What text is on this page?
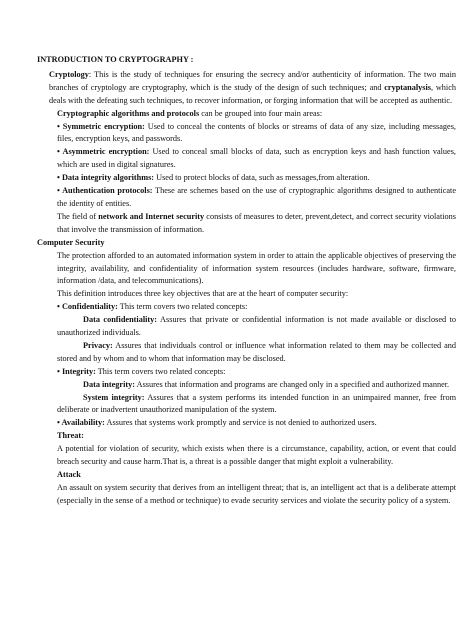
INTRODUCTION TO CRYPTOGRAPHY :

Cryptology: This is the study of techniques for ensuring the secrecy and/or authenticity of information. The two main branches of cryptology are cryptography, which is the study of the design of such techniques; and cryptanalysis, which deals with the defeating such techniques, to recover information, or forging information that will be accepted as authentic.

Cryptographic algorithms and protocols can be grouped into four main areas:

• Symmetric encryption: Used to conceal the contents of blocks or streams of data of any size, including messages, files, encryption keys, and passwords.

• Asymmetric encryption: Used to conceal small blocks of data, such as encryption keys and hash function values, which are used in digital signatures.

• Data integrity algorithms: Used to protect blocks of data, such as messages,from alteration.

• Authentication protocols: These are schemes based on the use of cryptographic algorithms designed to authenticate the identity of entities.

The field of network and Internet security consists of measures to deter, prevent,detect, and correct security violations that involve the transmission of information.

Computer Security

The protection afforded to an automated information system in order to attain the applicable objectives of preserving the integrity, availability, and confidentiality of information system resources (includes hardware, software, firmware, information /data, and telecommunications).

This definition introduces three key objectives that are at the heart of computer security:

• Confidentiality: This term covers two related concepts:

Data confidentiality: Assures that private or confidential information is not made available or disclosed to unauthorized individuals.

Privacy: Assures that individuals control or influence what information related to them may be collected and stored and by whom and to whom that information may be disclosed.

• Integrity: This term covers two related concepts:

Data integrity: Assures that information and programs are changed only in a specified and authorized manner.

System integrity: Assures that a system performs its intended function in an unimpaired manner, free from deliberate or inadvertent unauthorized manipulation of the system.

• Availability: Assures that systems work promptly and service is not denied to authorized users.

Threat:

A potential for violation of security, which exists when there is a circumstance, capability, action, or event that could breach security and cause harm.That is, a threat is a possible danger that might exploit a vulnerability.

Attack

An assault on system security that derives from an intelligent threat; that is, an intelligent act that is a deliberate attempt (especially in the sense of a method or technique) to evade security services and violate the security policy of a system.
